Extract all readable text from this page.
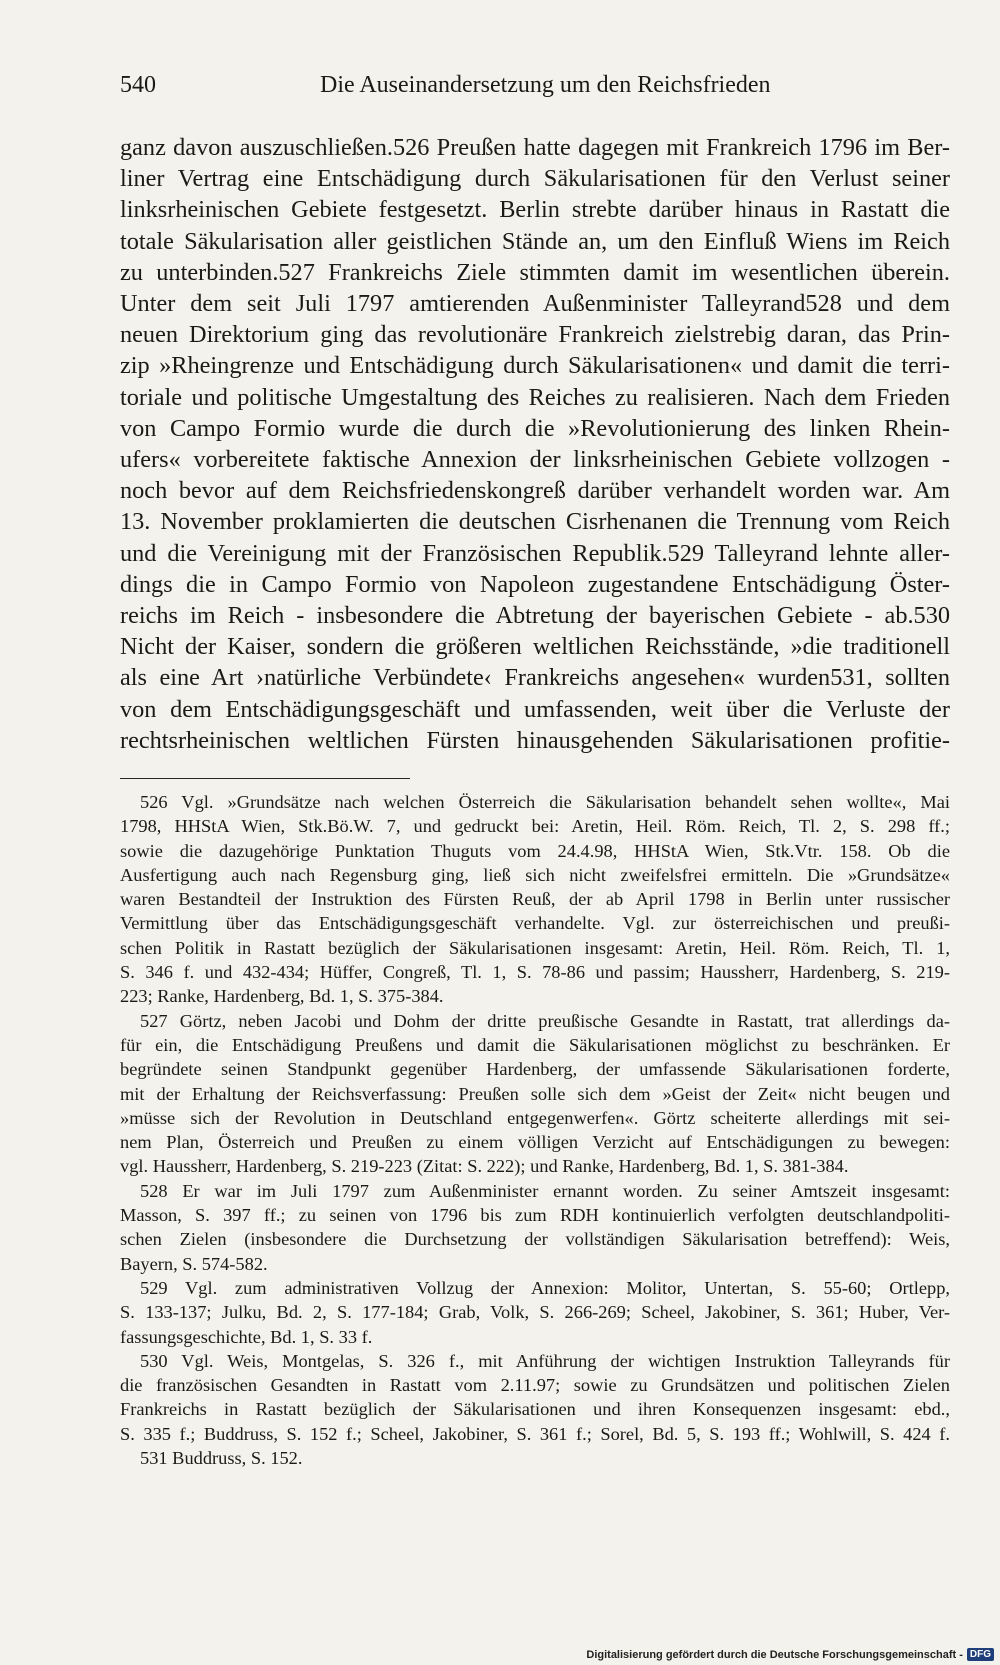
540	Die Auseinandersetzung um den Reichsfrieden
ganz davon auszuschließen.526 Preußen hatte dagegen mit Frankreich 1796 im Ber-
liner Vertrag eine Entschädigung durch Säkularisationen für den Verlust seiner
linksrheinischen Gebiete festgesetzt. Berlin strebte darüber hinaus in Rastatt die
totale Säkularisation aller geistlichen Stände an, um den Einfluß Wiens im Reich
zu unterbinden.527 Frankreichs Ziele stimmten damit im wesentlichen überein.
Unter dem seit Juli 1797 amtierenden Außenminister Talleyrand528 und dem
neuen Direktorium ging das revolutionäre Frankreich zielstrebig daran, das Prin-
zip »Rheingrenze und Entschädigung durch Säkularisationen« und damit die terri-
toriale und politische Umgestaltung des Reiches zu realisieren. Nach dem Frieden
von Campo Formio wurde die durch die »Revolutionierung des linken Rhein-
ufers« vorbereitete faktische Annexion der linksrheinischen Gebiete vollzogen -
noch bevor auf dem Reichsfriedenskongreß darüber verhandelt worden war. Am
13. November proklamierten die deutschen Cisrhenanen die Trennung vom Reich
und die Vereinigung mit der Französischen Republik.529 Talleyrand lehnte aller-
dings die in Campo Formio von Napoleon zugestandene Entschädigung Öster-
reichs im Reich - insbesondere die Abtretung der bayerischen Gebiete - ab.530
Nicht der Kaiser, sondern die größeren weltlichen Reichsstände, »die traditionell
als eine Art ›natürliche Verbündete‹ Frankreichs angesehen« wurden531, sollten
von dem Entschädigungsgeschäft und umfassenden, weit über die Verluste der
rechtsrheinischen weltlichen Fürsten hinausgehenden Säkularisationen profitie-
526 Vgl. »Grundsätze nach welchen Österreich die Säkularisation behandelt sehen wollte«, Mai
1798, HHStA Wien, Stk.Bö.W. 7, und gedruckt bei: Aretin, Heil. Röm. Reich, Tl. 2, S. 298 ff.;
sowie die dazugehörige Punktation Thuguts vom 24.4.98, HHStA Wien, Stk.Vtr. 158. Ob die
Ausfertigung auch nach Regensburg ging, ließ sich nicht zweifelsfrei ermitteln. Die »Grundsätze«
waren Bestandteil der Instruktion des Fürsten Reuß, der ab April 1798 in Berlin unter russischer
Vermittlung über das Entschädigungsgeschäft verhandelte. Vgl. zur österreichischen und preußi-
schen Politik in Rastatt bezüglich der Säkularisationen insgesamt: Aretin, Heil. Röm. Reich, Tl. 1,
S. 346 f. und 432-434; Hüffer, Congreß, Tl. 1, S. 78-86 und passim; Haussherr, Hardenberg, S. 219-
223; Ranke, Hardenberg, Bd. 1, S. 375-384.
527 Görtz, neben Jacobi und Dohm der dritte preußische Gesandte in Rastatt, trat allerdings da-
für ein, die Entschädigung Preußens und damit die Säkularisationen möglichst zu beschränken. Er
begründete seinen Standpunkt gegenüber Hardenberg, der umfassende Säkularisationen forderte,
mit der Erhaltung der Reichsverfassung: Preußen solle sich dem »Geist der Zeit« nicht beugen und
»müsse sich der Revolution in Deutschland entgegenwerfen«. Görtz scheiterte allerdings mit sei-
nem Plan, Österreich und Preußen zu einem völligen Verzicht auf Entschädigungen zu bewegen:
vgl. Haussherr, Hardenberg, S. 219-223 (Zitat: S. 222); und Ranke, Hardenberg, Bd. 1, S. 381-384.
528 Er war im Juli 1797 zum Außenminister ernannt worden. Zu seiner Amtszeit insgesamt:
Masson, S. 397 ff.; zu seinen von 1796 bis zum RDH kontinuierlich verfolgten deutschlandpoliti-
schen Zielen (insbesondere die Durchsetzung der vollständigen Säkularisation betreffend): Weis,
Bayern, S. 574-582.
529 Vgl. zum administrativen Vollzug der Annexion: Molitor, Untertan, S. 55-60; Ortlepp,
S. 133-137; Julku, Bd. 2, S. 177-184; Grab, Volk, S. 266-269; Scheel, Jakobiner, S. 361; Huber, Ver-
fassungsgeschichte, Bd. 1, S. 33 f.
530 Vgl. Weis, Montgelas, S. 326 f., mit Anführung der wichtigen Instruktion Talleyrands für
die französischen Gesandten in Rastatt vom 2.11.97; sowie zu Grundsätzen und politischen Zielen
Frankreichs in Rastatt bezüglich der Säkularisationen und ihren Konsequenzen insgesamt: ebd.,
S. 335 f.; Buddruss, S. 152 f.; Scheel, Jakobiner, S. 361 f.; Sorel, Bd. 5, S. 193 ff.; Wohlwill, S. 424 f.
531 Buddruss, S. 152.
Digitalisierung gefördert durch die Deutsche Forschungsgemeinschaft - DFG
